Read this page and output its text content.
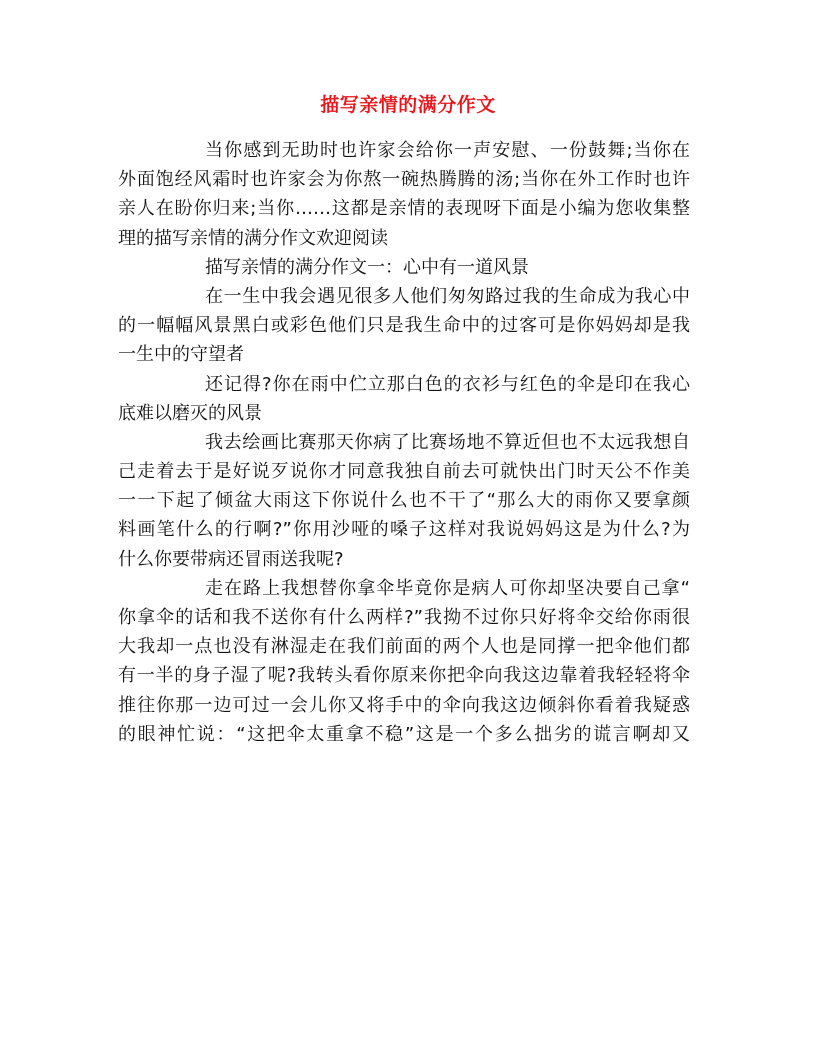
描写亲情的满分作文
当你感到无助时也许家会给你一声安慰、一份鼓舞;当你在
外面饱经风霜时也许家会为你熬一碗热腾腾的汤;当你在外工作时也许
亲人在盼你归来;当你……这都是亲情的表现呀下面是小编为您收集整
理的描写亲情的满分作文欢迎阅读
描写亲情的满分作文一：心中有一道风景
在一生中我会遇见很多人他们匆匆路过我的生命成为我心中
的一幅幅风景黑白或彩色他们只是我生命中的过客可是你妈妈却是我
一生中的守望者
还记得?你在雨中伫立那白色的衣衫与红色的伞是印在我心
底难以磨灭的风景
我去绘画比赛那天你病了比赛场地不算近但也不太远我想自
己走着去于是好说歹说你才同意我独自前去可就快出门时天公不作美
一一下起了倾盆大雨这下你说什么也不干了“那么大的雨你又要拿颜
料画笔什么的行啊?”你用沙哑的嗓子这样对我说妈妈这是为什么?为
什么你要带病还冒雨送我呢?
走在路上我想替你拿伞毕竟你是病人可你却坚决要自己拿“
你拿伞的话和我不送你有什么两样?”我拗不过你只好将伞交给你雨很
大我却一点也没有淋湿走在我们前面的两个人也是同撑一把伞他们都
有一半的身子湿了呢?我转头看你原来你把伞向我这边靠着我轻轻将伞
推往你那一边可过一会儿你又将手中的伞向我这边倾斜你看着我疑惑
的眼神忙说：“这把伞太重拿不稳”这是一个多么拙劣的谎言啊却又
